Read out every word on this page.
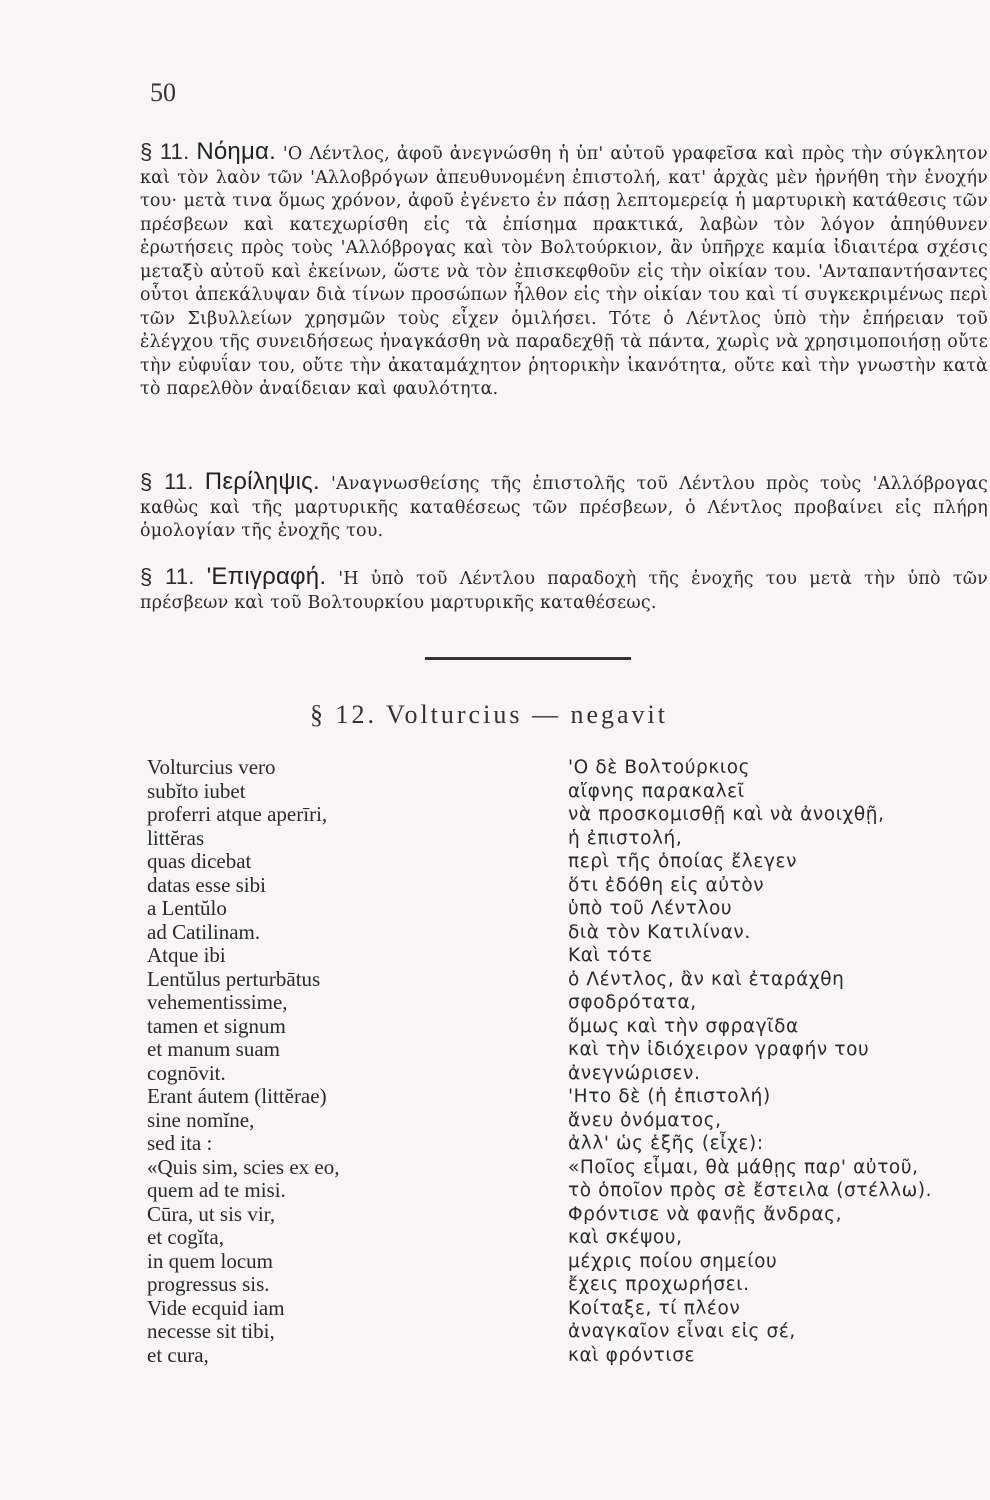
50
§ 11. Νόημα. 'Ο Λέντλος, ἀφοῦ ἀνεγνώσθη ἡ ὑπ' αὐτοῦ γραφεῖσα καὶ πρὸς τὴν σύγκλητον καὶ τὸν λαὸν τῶν 'Αλλοβρόγων ἀπευθυνομένη ἐπιστολή, κατ' ἀρχὰς μὲν ἠρνήθη τὴν ἐνοχήν του· μετὰ τινα ὅμως χρόνον, ἀφοῦ ἐγένετο ἐν πάσῃ λεπτομερείᾳ ἡ μαρτυρικὴ κατάθεσις τῶν πρέσβεων καὶ κατεχωρίσθη εἰς τὰ ἐπίσημα πρακτικά, λαβὼν τὸν λόγον ἀπηύθυνεν ἐρωτήσεις πρὸς τοὺς 'Αλλόβρογας καὶ τὸν Βολτούρκιον, ἂν ὑπῆρχε καμία ἰδιαιτέρα σχέσις μεταξὺ αὐτοῦ καὶ ἐκείνων, ὥστε νὰ τὸν ἐπισκεφθοῦν εἰς τὴν οἰκίαν του. 'Ανταπαντήσαντες οὗτοι ἀπεκάλυψαν διὰ τίνων προσώπων ἦλθον εἰς τὴν οἰκίαν του καὶ τί συγκεκριμένως περὶ τῶν Σιβυλλείων χρησμῶν τοὺς εἶχεν ὁμιλήσει. Τότε ὁ Λέντλος ὑπὸ τὴν ἐπήρειαν τοῦ ἐλέγχου τῆς συνειδήσεως ἠναγκάσθη νὰ παραδεχθῇ τὰ πάντα, χωρὶς νὰ χρησιμοποιήσῃ οὔτε τὴν εὐφυΐαν του, οὔτε τὴν ἀκαταμάχητον ῥητορικὴν ἱκανότητα, οὔτε καὶ τὴν γνωστὴν κατὰ τὸ παρελθὸν ἀναίδειαν καὶ φαυλότητα.
§ 11. Περίληψις. 'Αναγνωσθείσης τῆς ἐπιστολῆς τοῦ Λέντλου πρὸς τοὺς 'Αλλόβρογας καθὼς καὶ τῆς μαρτυρικῆς καταθέσεως τῶν πρέσβεων, ὁ Λέντλος προβαίνει εἰς πλήρη ὁμολογίαν τῆς ἐνοχῆς του.
§ 11. 'Επιγραφή. 'Η ὑπὸ τοῦ Λέντλου παραδοχὴ τῆς ἐνοχῆς του μετὰ τὴν ὑπὸ τῶν πρέσβεων καὶ τοῦ Βολτουρκίου μαρτυρικῆς καταθέσεως.
§ 12. Volturcius — negavit
Volturcius vero
subĭto iubet
proferri atque aperīri,
littĕras
quas dicebat
datas esse sibi
a Lentŭlo
ad Catilinam.
Atque ibi
Lentŭlus perturbātus
vehementissime,
tamen et signum
et manum suam
cognōvit.
Erant áutem (littĕrae)
sine nomĭne,
sed ita :
«Quis sim, scies ex eo,
quem ad te misi.
Cūra, ut sis vir,
et cogĭta,
in quem locum
progressus sis.
Vide ecquid iam
necesse sit tibi,
et cura,
'Ο δὲ Βολτούρκιος
αἴφνης παρακαλεῖ
νὰ προσκομισθῇ καὶ νὰ ἀνοιχθῇ,
ἡ ἐπιστολή,
περὶ τῆς ὁποίας ἔλεγεν
ὅτι ἐδόθη εἰς αὐτὸν
ὑπὸ τοῦ Λέντλου
διὰ τὸν Κατιλίναν.
Καὶ τότε
ὁ Λέντλος, ἂν καὶ ἐταράχθη
σφοδρότατα,
ὅμως καὶ τὴν σφραγῖδα
καὶ τὴν ἰδιόχειρον γραφήν του
ἀνεγνώρισεν.
'Ητο δὲ (ἡ ἐπιστολή)
ἄνευ ὀνόματος,
ἀλλ' ὡς ἑξῆς (εἶχε):
«Ποῖος εἶμαι, θὰ μάθῃς παρ' αὐτοῦ,
τὸ ὁποῖον πρὸς σὲ ἔστειλα (στέλλω).
Φρόντισε νὰ φανῇς ἄνδρας,
καὶ σκέψου,
μέχρις ποίου σημείου
ἔχεις προχωρήσει.
Κοίταξε, τί πλέον
ἀναγκαῖον εἶναι εἰς σέ,
καὶ φρόντισε
